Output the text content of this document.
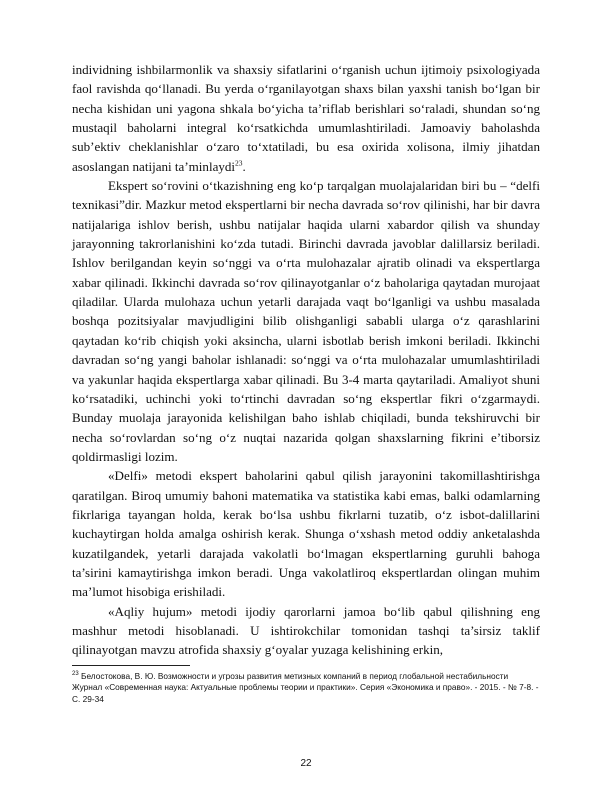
individning ishbilarmonlik va shaxsiy sifatlarini o‘rganish uchun ijtimoiy psixologiyada faol ravishda qo‘llanadi. Bu yerda o‘rganilayotgan shaxs bilan yaxshi tanish bo‘lgan bir necha kishidan uni yagona shkala bo‘yicha ta’riflab berishlari so‘raladi, shundan so‘ng mustaqil baholarni integral ko‘rsatkichda umumlashtiriladi. Jamoaviy baholashda sub’ektiv cheklanishlar o‘zaro to‘xtatiladi, bu esa oxirida xolisona, ilmiy jihatdan asoslangan natijani ta’minlaydi$^{23}$.

Ekspert so‘rovini o‘tkazishning eng ko‘p tarqalgan muolajalaridan biri bu – “delfi texnikasi”dir. Mazkur metod ekspertlarni bir necha davrada so‘rov qilinishi, har bir davra natijalariga ishlov berish, ushbu natijalar haqida ularni xabardor qilish va shunday jarayonning takrorlanishini ko‘zda tutadi. Birinchi davrada javoblar dalillarsiz beriladi. Ishlov berilgandan keyin so‘nggi va o‘rta mulohazalar ajratib olinadi va ekspertlarga xabar qilinadi. Ikkinchi davrada so‘rov qilinayotganlar o‘z baholariga qaytadan murojaat qiladilar. Ularda mulohaza uchun yetarli darajada vaqt bo‘lganligi va ushbu masalada boshqa pozitsiyalar mavjudligini bilib olishganligi sababli ularga o‘z qarashlarini qaytadan ko‘rib chiqish yoki aksincha, ularni isbotlab berish imkoni beriladi. Ikkinchi davradan so‘ng yangi baholar ishlanadi: so‘nggi va o‘rta mulohazalar umumlashtiriladi va yakunlar haqida ekspertlarga xabar qilinadi. Bu 3-4 marta qaytariladi. Amaliyot shuni ko‘rsatadiki, uchinchi yoki to‘rtinchi davradan so‘ng ekspertlar fikri o‘zgarmaydi. Bunday muolaja jarayonida kelishilgan baho ishlab chiqiladi, bunda tekshiruvchi bir necha so‘rovlardan so‘ng o‘z nuqtai nazarida qolgan shaxslarning fikrini e’tiborsiz qoldirmasligi lozim.

«Delfi» metodi ekspert baholarini qabul qilish jarayonini takomillashtirishga qaratilgan. Biroq umumiy bahoni matematika va statistika kabi emas, balki odamlarning fikrlariga tayangan holda, kerak bo‘lsa ushbu fikrlarni tuzatib, o‘z isbot-dalillarini kuchaytirgan holda amalga oshirish kerak. Shunga o‘xshash metod oddiy anketalashda kuzatilgandek, yetarli darajada vakolatli bo‘lmagan ekspertlarning guruhli bahoga ta’sirini kamaytirishga imkon beradi. Unga vakolatliroq ekspertlardan olingan muhim ma’lumot hisobiga erishiladi.

«Aqliy hujum» metodi ijodiy qarorlarni jamoa bo‘lib qabul qilishning eng mashhur metodi hisoblanadi. U ishtirokchilar tomonidan tashqi ta’sirsiz taklif qilinayotgan mavzu atrofida shaxsiy g‘oyalar yuzaga kelishining erkin,

$^{23}$ Белостокова, В. Ю. Возможности и угрозы развития метизных компаний в период глобальной нестабильности Журнал «Современная наука: Актуальные проблемы теории и практики». Серия «Экономика и право». - 2015. - № 7-8. - С. 29-34

22
